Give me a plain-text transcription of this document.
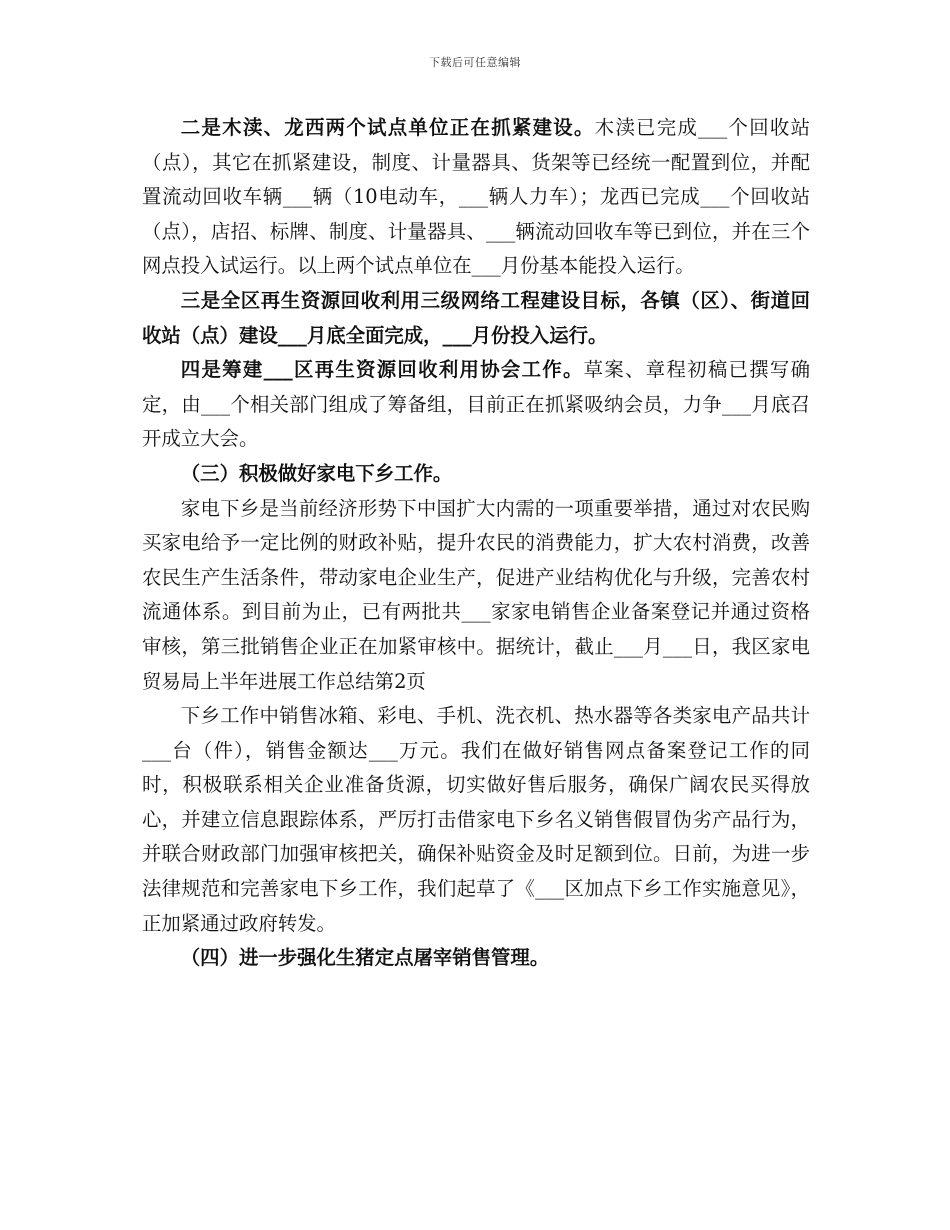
下载后可任意编辑

二是木渎、龙西两个试点单位正在抓紧建设。木渎已完成___个回收站（点），其它在抓紧建设，制度、计量器具、货架等已经统一配置到位，并配置流动回收车辆___辆（10电动车，___辆人力车）；龙西已完成___个回收站（点），店招、标牌、制度、计量器具、___辆流动回收车等已到位，并在三个网点投入试运行。以上两个试点单位在___月份基本能投入运行。

三是全区再生资源回收利用三级网络工程建设目标，各镇（区）、街道回收站（点）建设___月底全面完成，___月份投入运行。

四是筹建___区再生资源回收利用协会工作。草案、章程初稿已撰写确定，由___个相关部门组成了筹备组，目前正在抓紧吸纳会员，力争___月底召开成立大会。

（三）积极做好家电下乡工作。

家电下乡是当前经济形势下中国扩大内需的一项重要举措，通过对农民购买家电给予一定比例的财政补贴，提升农民的消费能力，扩大农村消费，改善农民生产生活条件，带动家电企业生产，促进产业结构优化与升级，完善农村流通体系。到目前为止，已有两批共___家家电销售企业备案登记并通过资格审核，第三批销售企业正在加紧审核中。据统计，截止___月___日，我区家电贸易局上半年进展工作总结第2页

下乡工作中销售冰箱、彩电、手机、洗衣机、热水器等各类家电产品共计___台（件），销售金额达___万元。我们在做好销售网点备案登记工作的同时，积极联系相关企业准备货源，切实做好售后服务，确保广阔农民买得放心，并建立信息跟踪体系，严厉打击借家电下乡名义销售假冒伪劣产品行为，并联合财政部门加强审核把关，确保补贴资金及时足额到位。日前，为进一步法律规范和完善家电下乡工作，我们起草了《___区加点下乡工作实施意见》，正加紧通过政府转发。

（四）进一步强化生猪定点屠宰销售管理。
